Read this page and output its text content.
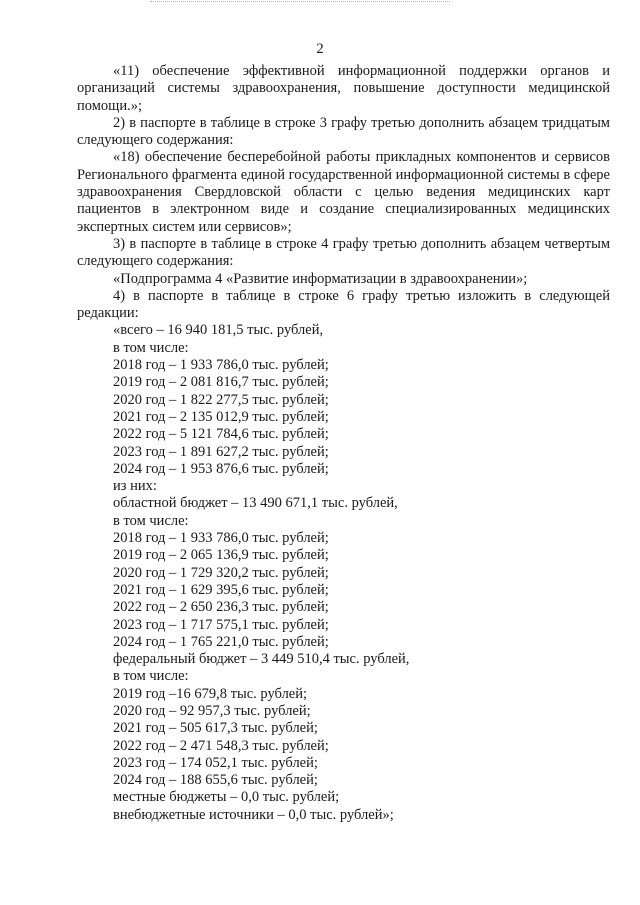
2

«11) обеспечение эффективной информационной поддержки органов и организаций системы здравоохранения, повышение доступности медицинской помощи.»;

2) в паспорте в таблице в строке 3 графу третью дополнить абзацем тридцатым следующего содержания:

«18) обеспечение бесперебойной работы прикладных компонентов и сервисов Регионального фрагмента единой государственной информационной системы в сфере здравоохранения Свердловской области с целью ведения медицинских карт пациентов в электронном виде и создание специализированных медицинских экспертных систем или сервисов»;

3) в паспорте в таблице в строке 4 графу третью дополнить абзацем четвертым следующего содержания:

«Подпрограмма 4 «Развитие информатизации в здравоохранении»;

4) в паспорте в таблице в строке 6 графу третью изложить в следующей редакции:

«всего – 16 940 181,5 тыс. рублей,

в том числе:

2018 год – 1 933 786,0 тыс. рублей;

2019 год – 2 081 816,7 тыс. рублей;

2020 год – 1 822 277,5 тыс. рублей;

2021 год – 2 135 012,9 тыс. рублей;

2022 год – 5 121 784,6 тыс. рублей;

2023 год – 1 891 627,2 тыс. рублей;

2024 год – 1 953 876,6 тыс. рублей;

из них:

областной бюджет – 13 490 671,1 тыс. рублей,

в том числе:

2018 год – 1 933 786,0 тыс. рублей;

2019 год – 2 065 136,9 тыс. рублей;

2020 год – 1 729 320,2 тыс. рублей;

2021 год – 1 629 395,6 тыс. рублей;

2022 год – 2 650 236,3 тыс. рублей;

2023 год – 1 717 575,1 тыс. рублей;

2024 год – 1 765 221,0 тыс. рублей;

федеральный бюджет – 3 449 510,4 тыс. рублей,

в том числе:

2019 год –16 679,8 тыс. рублей;

2020 год – 92 957,3 тыс. рублей;

2021 год – 505 617,3 тыс. рублей;

2022 год – 2 471 548,3 тыс. рублей;

2023 год – 174 052,1 тыс. рублей;

2024 год – 188 655,6 тыс. рублей;

местные бюджеты – 0,0 тыс. рублей;

внебюджетные источники – 0,0 тыс. рублей»;
